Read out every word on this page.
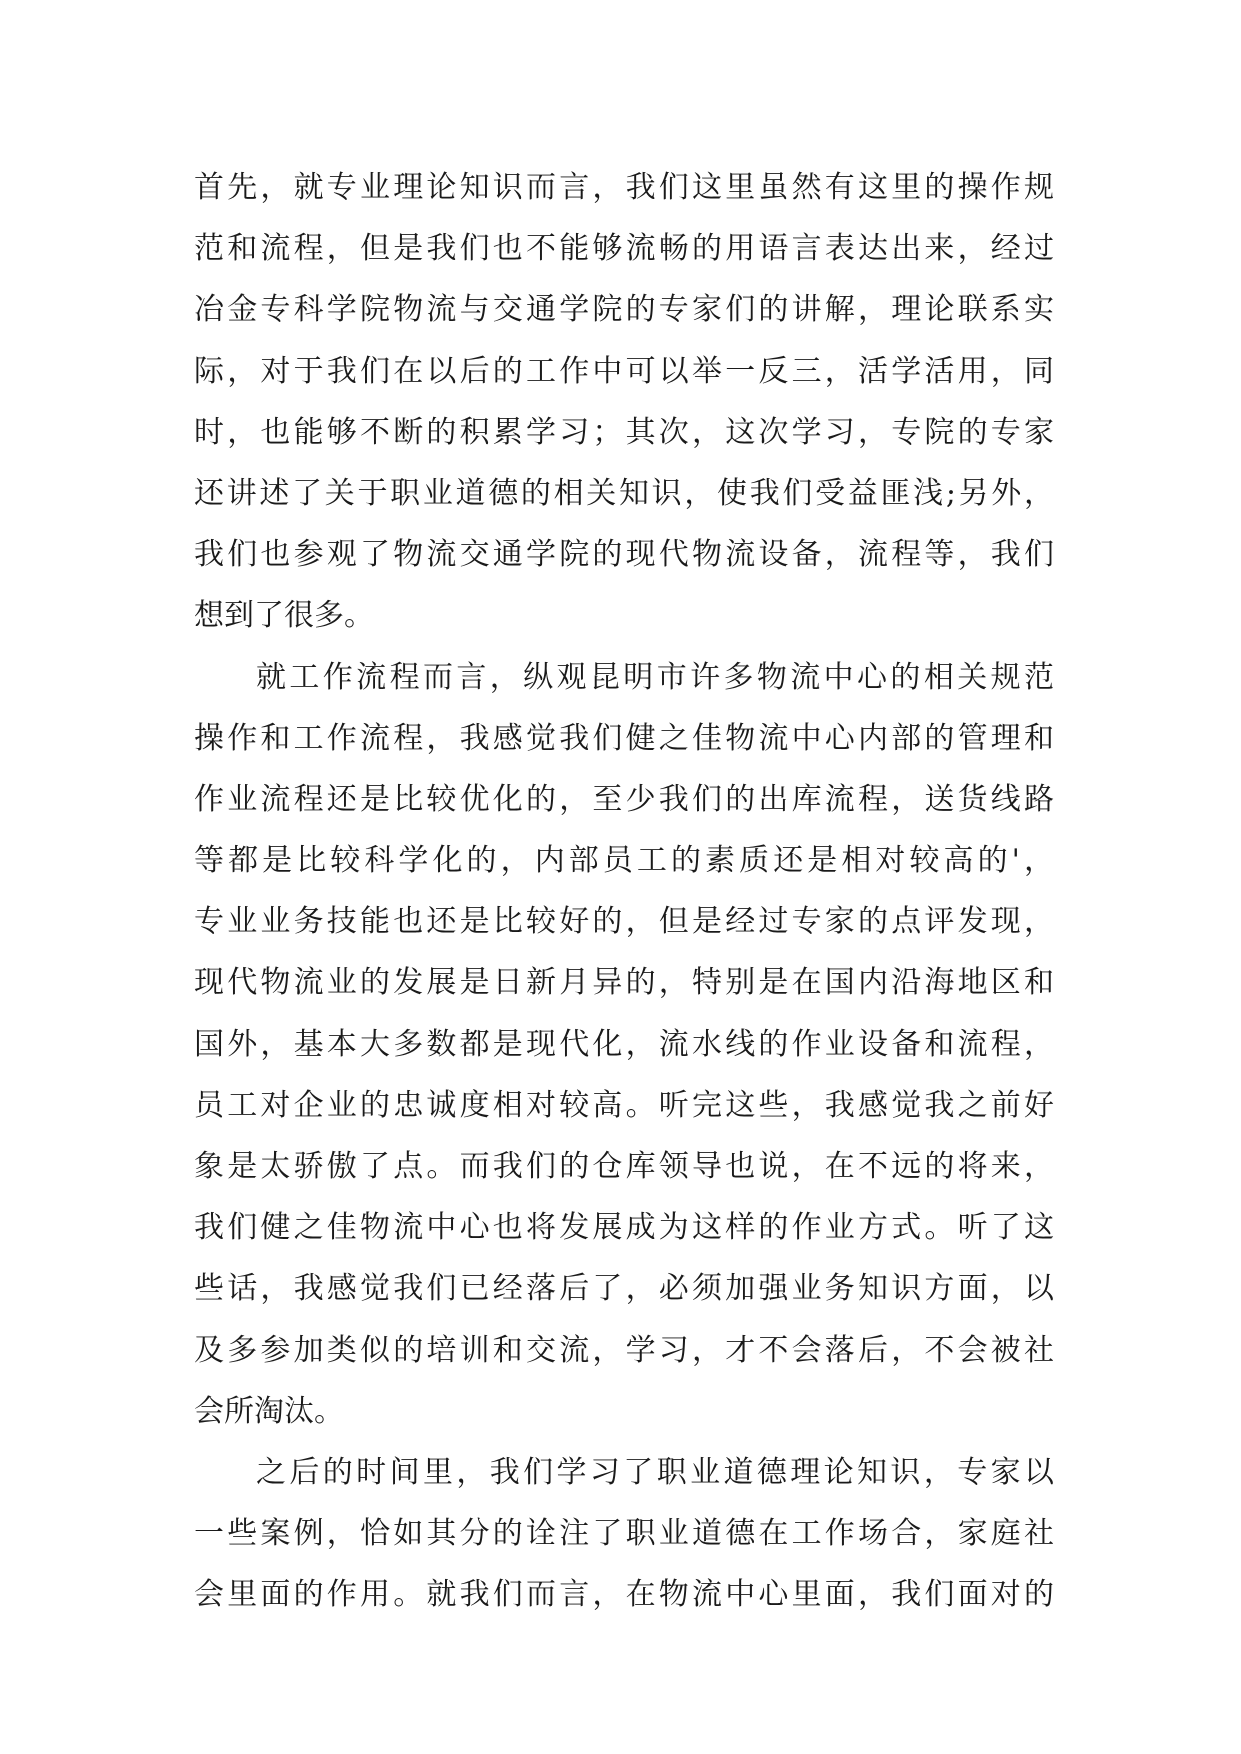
首先，就专业理论知识而言，我们这里虽然有这里的操作规
范和流程，但是我们也不能够流畅的用语言表达出来，经过
冶金专科学院物流与交通学院的专家们的讲解，理论联系实
际，对于我们在以后的工作中可以举一反三，活学活用，同
时，也能够不断的积累学习；其次，这次学习，专院的专家
还讲述了关于职业道德的相关知识，使我们受益匪浅;另外，
我们也参观了物流交通学院的现代物流设备，流程等，我们
想到了很多。
就工作流程而言，纵观昆明市许多物流中心的相关规范
操作和工作流程，我感觉我们健之佳物流中心内部的管理和
作业流程还是比较优化的，至少我们的出库流程，送货线路
等都是比较科学化的，内部员工的素质还是相对较高的'，
专业业务技能也还是比较好的，但是经过专家的点评发现，
现代物流业的发展是日新月异的，特别是在国内沿海地区和
国外，基本大多数都是现代化，流水线的作业设备和流程，
员工对企业的忠诚度相对较高。听完这些，我感觉我之前好
象是太骄傲了点。而我们的仓库领导也说，在不远的将来，
我们健之佳物流中心也将发展成为这样的作业方式。听了这
些话，我感觉我们已经落后了，必须加强业务知识方面，以
及多参加类似的培训和交流，学习，才不会落后，不会被社
会所淘汰。
之后的时间里，我们学习了职业道德理论知识，专家以
一些案例，恰如其分的诠注了职业道德在工作场合，家庭社
会里面的作用。就我们而言，在物流中心里面，我们面对的
